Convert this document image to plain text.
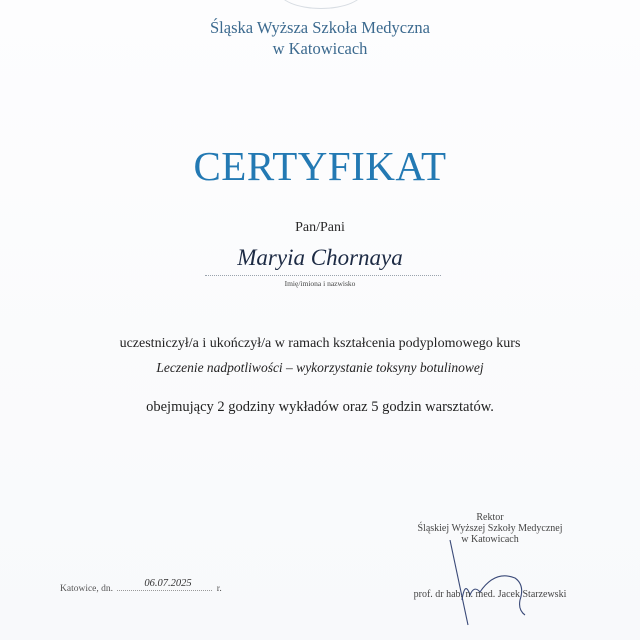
Śląska Wyższa Szkoła Medyczna
w Katowicach
CERTYFIKAT
Pan/Pani
Maryia Chornaya
Imię/imiona i nazwisko
uczestniczył/a i ukończył/a w ramach kształcenia podyplomowego kurs
Leczenie nadpotliwości – wykorzystanie toksyny botulinowej
obejmujący 2 godziny wykładów oraz 5 godzin warsztatów.
Rektor
Śląskiej Wyższej Szkoły Medycznej
w Katowicach
prof. dr hab. n. med. Jacek Starzewski
Katowice, dn.	06.07.2025	r.
